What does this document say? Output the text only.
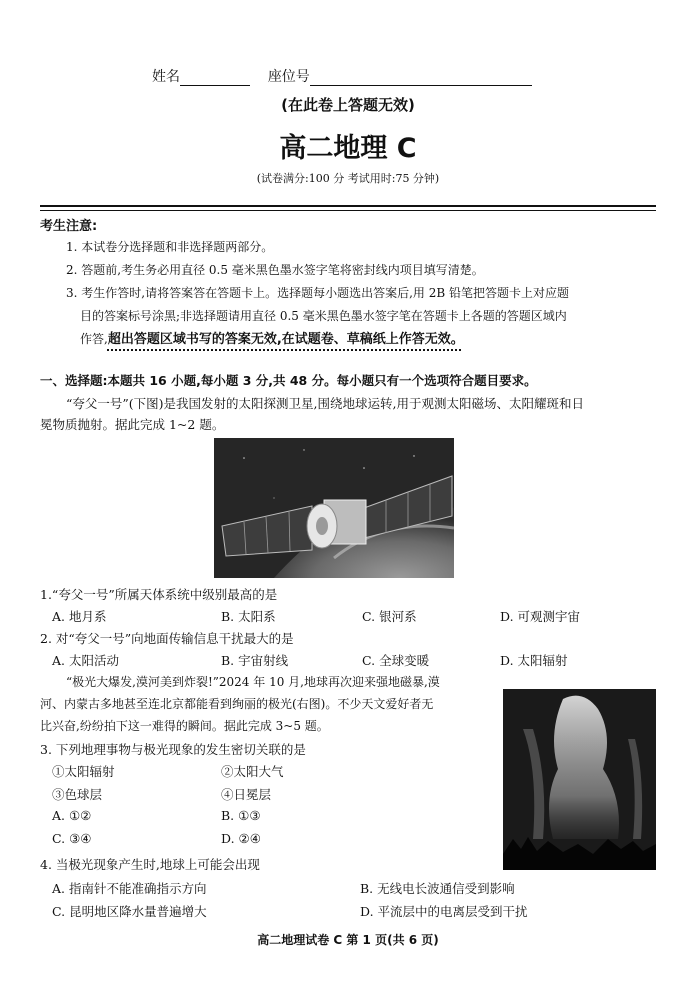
姓名	座位号
(在此卷上答题无效)
高二地理 C
(试卷满分:100 分 考试用时:75 分钟)
考生注意:
1. 本试卷分选择题和非选择题两部分。
2. 答题前,考生务必用直径 0.5 毫米黑色墨水签字笔将密封线内项目填写清楚。
3. 考生作答时,请将答案答在答题卡上。选择题每小题选出答案后,用 2B 铅笔把答题卡上对应题
目的答案标号涂黑;非选择题请用直径 0.5 毫米黑色墨水签字笔在答题卡上各题的答题区域内
作答,超出答题区域书写的答案无效,在试题卷、草稿纸上作答无效。
一、选择题:本题共 16 小题,每小题 3 分,共 48 分。每小题只有一个选项符合题目要求。
“夸父一号”(下图)是我国发射的太阳探测卫星,围绕地球运转,用于观测太阳磁场、太阳耀斑和日
冕物质抛射。据此完成 1~2 题。
1.“夸父一号”所属天体系统中级别最高的是
A. 地月系	B. 太阳系	C. 银河系	D. 可观测宇宙
2. 对“夸父一号”向地面传输信息干扰最大的是
A. 太阳活动	B. 宇宙射线	C. 全球变暖	D. 太阳辐射
“极光大爆发,漠河美到炸裂!”2024 年 10 月,地球再次迎来强地磁暴,漠
河、内蒙古多地甚至连北京都能看到绚丽的极光(右图)。不少天文爱好者无
比兴奋,纷纷拍下这一难得的瞬间。据此完成 3~5 题。
3. 下列地理事物与极光现象的发生密切关联的是
①太阳辐射	②太阳大气
③色球层	④日冕层
A. ①②	B. ①③
C. ③④	D. ②④
4. 当极光现象产生时,地球上可能会出现
A. 指南针不能准确指示方向	B. 无线电长波通信受到影响
C. 昆明地区降水量普遍增大	D. 平流层中的电离层受到干扰
高二地理试卷 C 第 1 页(共 6 页)
